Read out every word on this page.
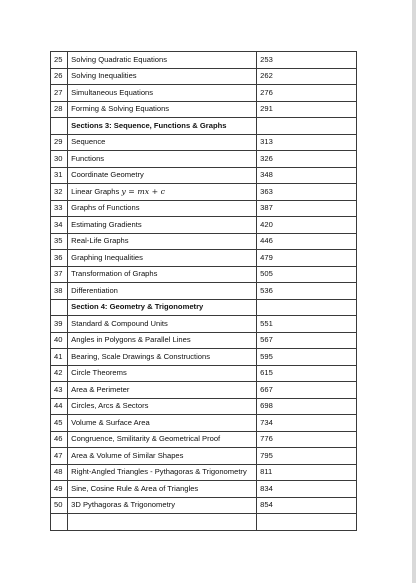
25	Solving Quadratic Equations	253
26	Solving Inequalities	262
27	Simultaneous Equations	276
28	Forming & Solving Equations	291
	Sections 3: Sequence, Functions & Graphs	
29	Sequence	313
30	Functions	326
31	Coordinate Geometry	348
32	Linear Graphs y = mx + c	363
33	Graphs of Functions	387
34	Estimating Gradients	420
35	Real-Life Graphs	446
36	Graphing Inequalities	479
37	Transformation of Graphs	505
38	Differentiation	536
	Section 4: Geometry & Trigonometry	
39	Standard & Compound Units	551
40	Angles in Polygons & Parallel Lines	567
41	Bearing, Scale Drawings & Constructions	595
42	Circle Theorems	615
43	Area & Perimeter	667
44	Circles, Arcs & Sectors	698
45	Volume & Surface Area	734
46	Congruence, Smilitarity & Geometrical Proof	776
47	Area & Volume of Similar Shapes	795
48	Right-Angled Triangles - Pythagoras & Trigonometry	811
49	Sine, Cosine Rule & Area of Triangles	834
50	3D Pythagoras & Trigonometry	854
